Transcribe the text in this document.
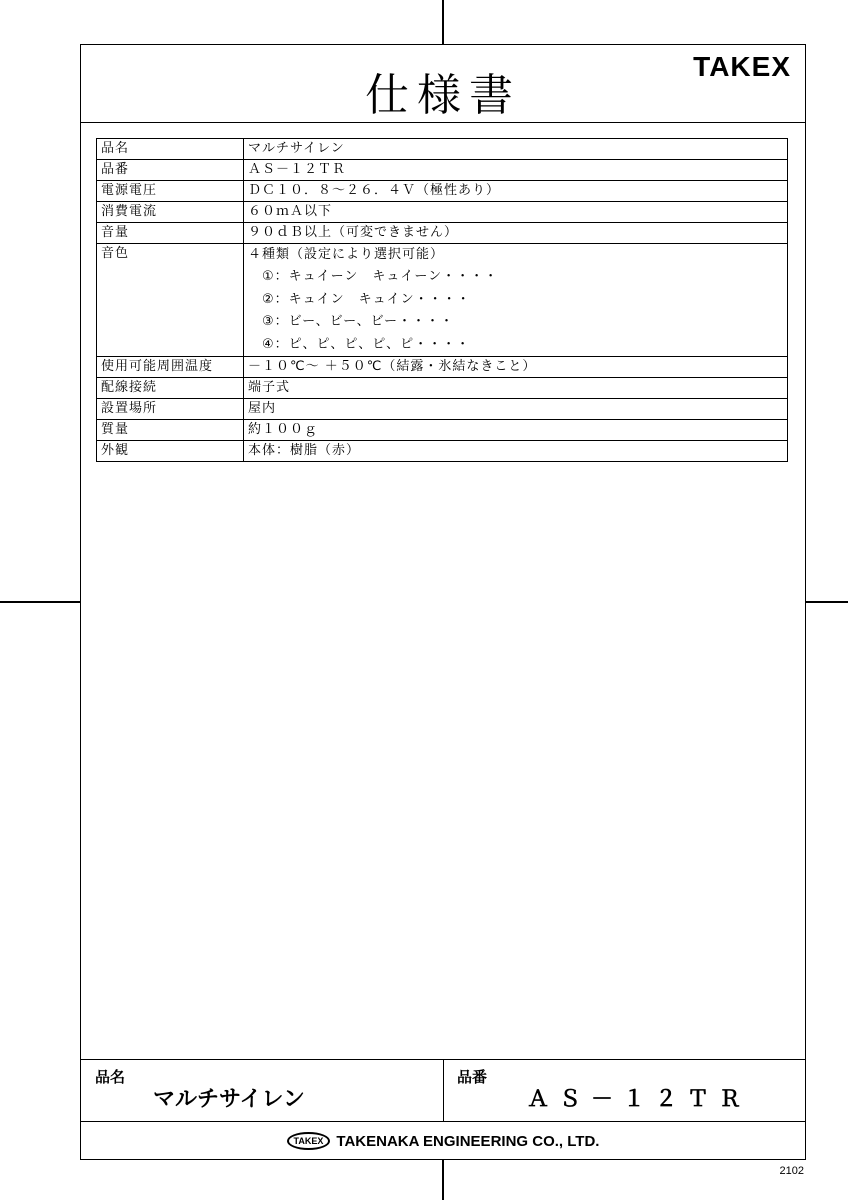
仕様書
TAKEX
品名	マルチサイレン
品番	ＡＳ－１２ＴＲ
電源電圧	ＤＣ１０．８～２６．４Ｖ（極性あり）
消費電流	６０ｍＡ以下
音量	９０ｄＢ以上（可変できません）
音色	４種類（設定により選択可能）
①：キュイーン　キュイーン・・・・
②：キュイン　キュイン・・・・
③：ビー、ビー、ビー・・・・
④：ピ、ピ、ピ、ピ、ピ・・・・

使用可能周囲温度	－１０℃～ ＋５０℃（結露・氷結なきこと）
配線接続	端子式
設置場所	屋内
質量	約１００ｇ
外観	本体：樹脂（赤）
品名
マルチサイレン
品番
ＡＳ－１２ＴＲ
TAKEX TAKENAKA ENGINEERING CO., LTD.
2102
